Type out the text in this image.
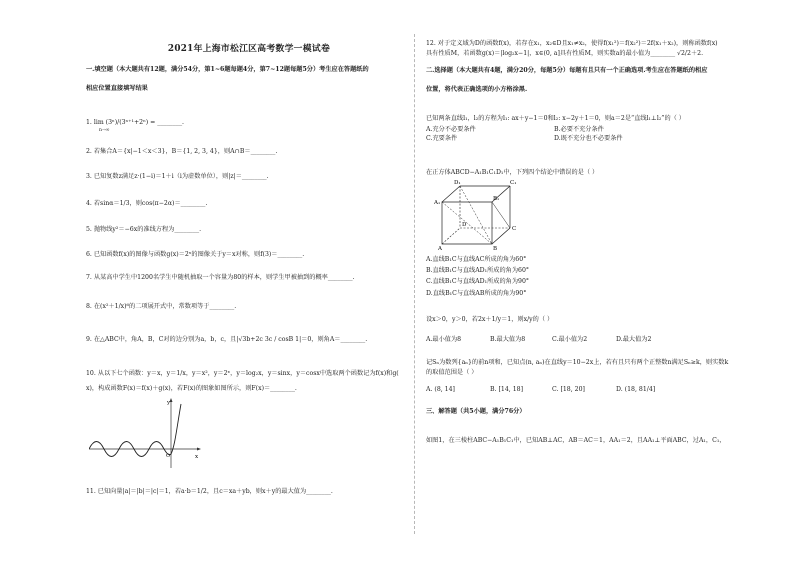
2021年上海市松江区高考数学一模试卷
一.填空题（本大题共有12题，满分54分，第1~6题每题4分，第7~12题每题5分）考生应在答题纸的
相应位置直接填写结果
1. lim (3ⁿ)/(3ⁿ⁺¹+2ⁿ) = ________.
n→∞
2. 若集合A＝{x|−1＜x＜3}，B＝{1, 2, 3, 4}，则A∩B＝________.
3. 已知复数z满足z·(1−i)＝1＋i（i为虚数单位），则|z|＝________.
4. 若sinα＝1/3，则cos(π−2α)＝________.
5. 抛物线y²＝−6x的准线方程为________.
6. 已知函数f(x)的图像与函数g(x)＝2ˣ的图像关于y＝x对称，则f(3)＝________.
7. 从某高中学生中1200名学生中随机抽取一个容量为80的样本，则学生甲被抽到的概率________.
8. 在(x²＋1/x)⁶的二项展开式中，常数项等于________.
9. 在△ABC中，角A，B，C对的边分别为a，b，c，且|√3b+2c 3c / cosB 1|＝0，则角A＝________.
10. 从以下七个函数：y＝x，y＝1/x，y＝x²，y＝2ˣ，y＝log₂x，y＝sinx，y＝cosx中选取两个函数记为f(x)和g(
x)，构成函数F(x)＝f(x)＋g(x)，若F(x)的图象如图所示，则F(x)＝________.
y
x
O
11. 已知向量|a|＝|b|＝|c|＝1，若a·b＝1/2，且c＝xa＋yb，则x＋y的最大值为________.
12. 对于定义域为D的函数f(x)，若存在x₁，x₂∈D且x₁≠x₂，使得f(x₁²)＝f(x₂²)＝2f(x₁＋x₂)，则称函数f(x)
具有性质M，若函数g(x)＝|log₂x−1|，x∈(0, a]具有性质M，则实数a的最小值为________ √2/2＋2.
二.选择题（本大题共有4题，满分20分，每题5分）每题有且只有一个正确选项.考生应在答题纸的相应
位置，将代表正确选项的小方格涂黑.
已知两条直线l₁，l₂的方程为l₁: ax＋y−1＝0和l₂: x−2y＋1＝0，则a＝2是“直线l₁⊥l₂”的（ ）
A.充分不必要条件	B.必要不充分条件
C.充要条件	D.既不充分也不必要条件
在正方体ABCD−A₁B₁C₁D₁中，下列四个结论中错误的是（ ）
D₁	C₁
A₁
B₁
D
C
A	B
A.直线B₁C与直线AC所成的角为60°
B.直线B₁C与直线AD₁所成的角为60°
C.直线B₁C与直线AD₁所成的角为90°
D.直线B₁C与直线AB所成的角为90°
设x＞0，y＞0，若2x＋1/y＝1，则x/y的（ ）
A.最小值为8	B.最大值为8	C.最小值为2	D.最大值为2
记Sₙ为数列{aₙ}的前n项和，已知点(n, aₙ)在直线y＝10−2x上，若有且只有两个正整数n满足Sₙ≥k，则实数k
的取值范围是（ ）
A. (8, 14]	B. [14, 18]	C. [18, 20]	D. (18, 81/4]
三、解答题（共5小题，满分76分）
如图1，在三棱柱ABC−A₁B₁C₁中，已知AB⊥AC，AB＝AC＝1，AA₁＝2，且AA₁⊥平面ABC，过A₁，C₁，
